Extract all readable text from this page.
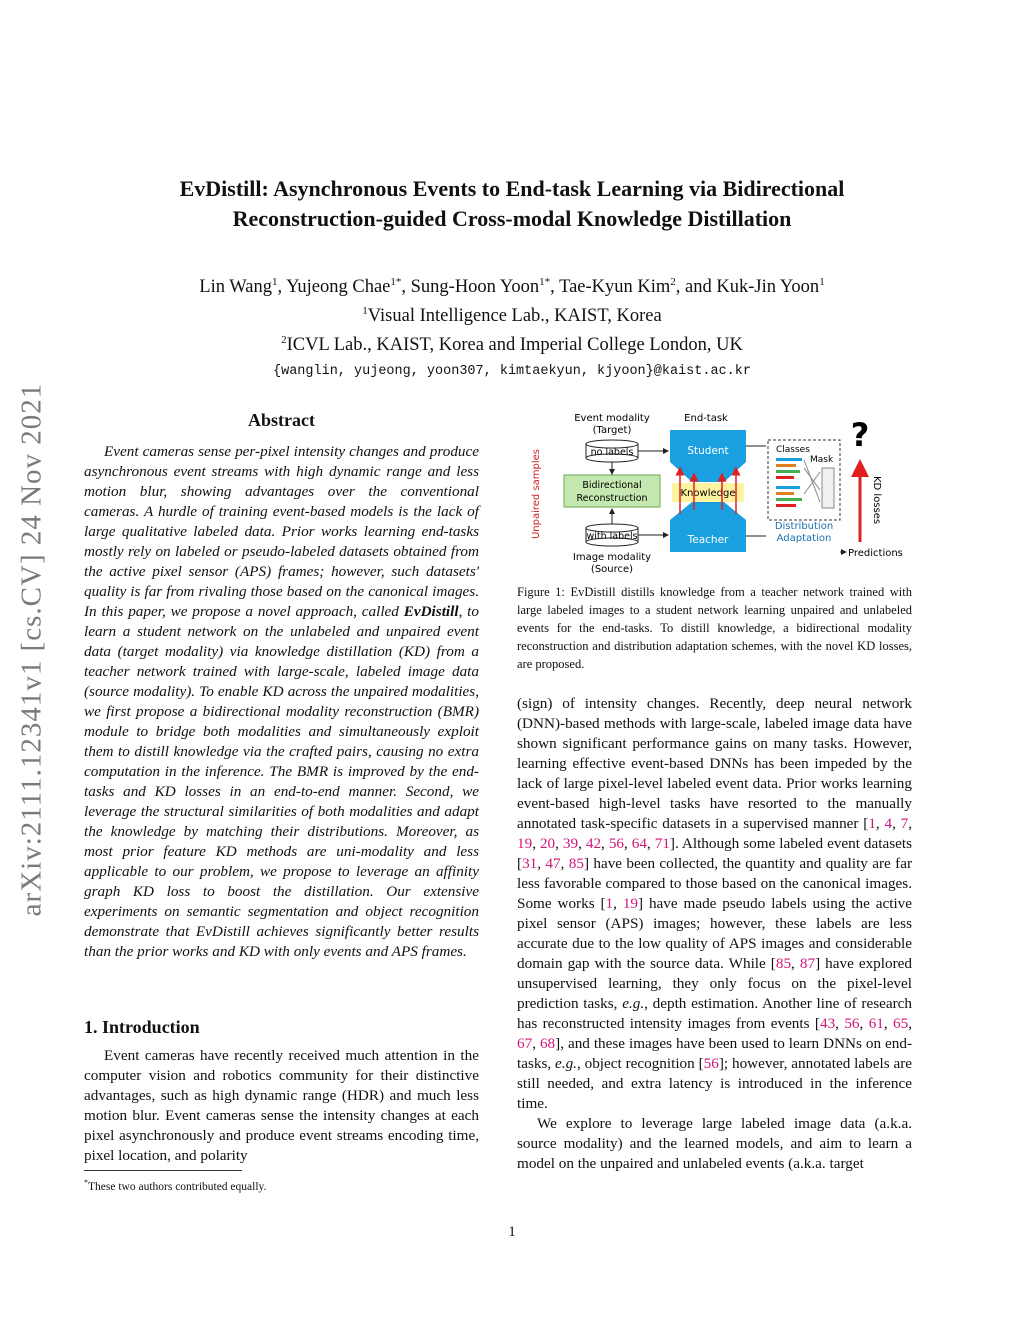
arXiv:2111.12341v1 [cs.CV] 24 Nov 2021
EvDistill: Asynchronous Events to End-task Learning via Bidirectional
Reconstruction-guided Cross-modal Knowledge Distillation
Lin Wang$^1$, Yujeong Chae$^{1*}$, Sung-Hoon Yoon$^{1*}$, Tae-Kyun Kim$^2$, and Kuk-Jin Yoon$^1$
$^1$Visual Intelligence Lab., KAIST, Korea
$^2$ICVL Lab., KAIST, Korea and Imperial College London, UK
{wanglin, yujeong, yoon307, kimtaekyun, kjyoon}@kaist.ac.kr
Abstract
Event cameras sense per-pixel intensity changes and produce asynchronous event streams with high dynamic range and less motion blur, showing advantages over the conventional cameras. A hurdle of training event-based models is the lack of large qualitative labeled data. Prior works learning end-tasks mostly rely on labeled or pseudo-labeled datasets obtained from the active pixel sensor (APS) frames; however, such datasets' quality is far from rivaling those based on the canonical images. In this paper, we propose a novel approach, called EvDistill, to learn a student network on the unlabeled and unpaired event data (target modality) via knowledge distillation (KD) from a teacher network trained with large-scale, labeled image data (source modality). To enable KD across the unpaired modalities, we first propose a bidirectional modality reconstruction (BMR) module to bridge both modalities and simultaneously exploit them to distill knowledge via the crafted pairs, causing no extra computation in the inference. The BMR is improved by the end-tasks and KD losses in an end-to-end manner. Second, we leverage the structural similarities of both modalities and adapt the knowledge by matching their distributions. Moreover, as most prior feature KD methods are uni-modality and less applicable to our problem, we propose to leverage an affinity graph KD loss to boost the distillation. Our extensive experiments on semantic segmentation and object recognition demonstrate that EvDistill achieves significantly better results than the prior works and KD with only events and APS frames.
1. Introduction
Event cameras have recently received much attention in the computer vision and robotics community for their distinctive advantages, such as high dynamic range (HDR) and much less motion blur. Event cameras sense the intensity changes at each pixel asynchronously and produce event streams encoding time, pixel location, and polarity
*These two authors contributed equally.
Event modality
(Target)
End-task
Unpaired samples	no labels
Bidirectional
Reconstruction
with labels
Image modality
(Source)
Student
Teacher
Knowledge
Classes
Mask
Distribution
Adaptation
Predictions
KD losses
?
Figure 1: EvDistill distills knowledge from a teacher network trained with large labeled images to a student network learning unpaired and unlabeled events for the end-tasks. To distill knowledge, a bidirectional modality reconstruction and distribution adaptation schemes, with the novel KD losses, are proposed.

(sign) of intensity changes. Recently, deep neural network (DNN)-based methods with large-scale, labeled image data have shown significant performance gains on many tasks. However, learning effective event-based DNNs has been impeded by the lack of large pixel-level labeled event data. Prior works learning event-based high-level tasks have resorted to the manually annotated task-specific datasets in a supervised manner [1, 4, 7, 19, 20, 39, 42, 56, 64, 71]. Although some labeled event datasets [31, 47, 85] have been collected, the quantity and quality are far less favorable compared to those based on the canonical images. Some works [1, 19] have made pseudo labels using the active pixel sensor (APS) images; however, these labels are less accurate due to the low quality of APS images and considerable domain gap with the source data. While [85, 87] have explored unsupervised learning, they only focus on the pixel-level prediction tasks, e.g., depth estimation. Another line of research has reconstructed intensity images from events [43, 56, 61, 65, 67, 68], and these images have been used to learn DNNs on end-tasks, e.g., object recognition [56]; however, annotated labels are still needed, and extra latency is introduced in the inference time.

We explore to leverage large labeled image data (a.k.a. source modality) and the learned models, and aim to learn a model on the unpaired and unlabeled events (a.k.a. target

1
